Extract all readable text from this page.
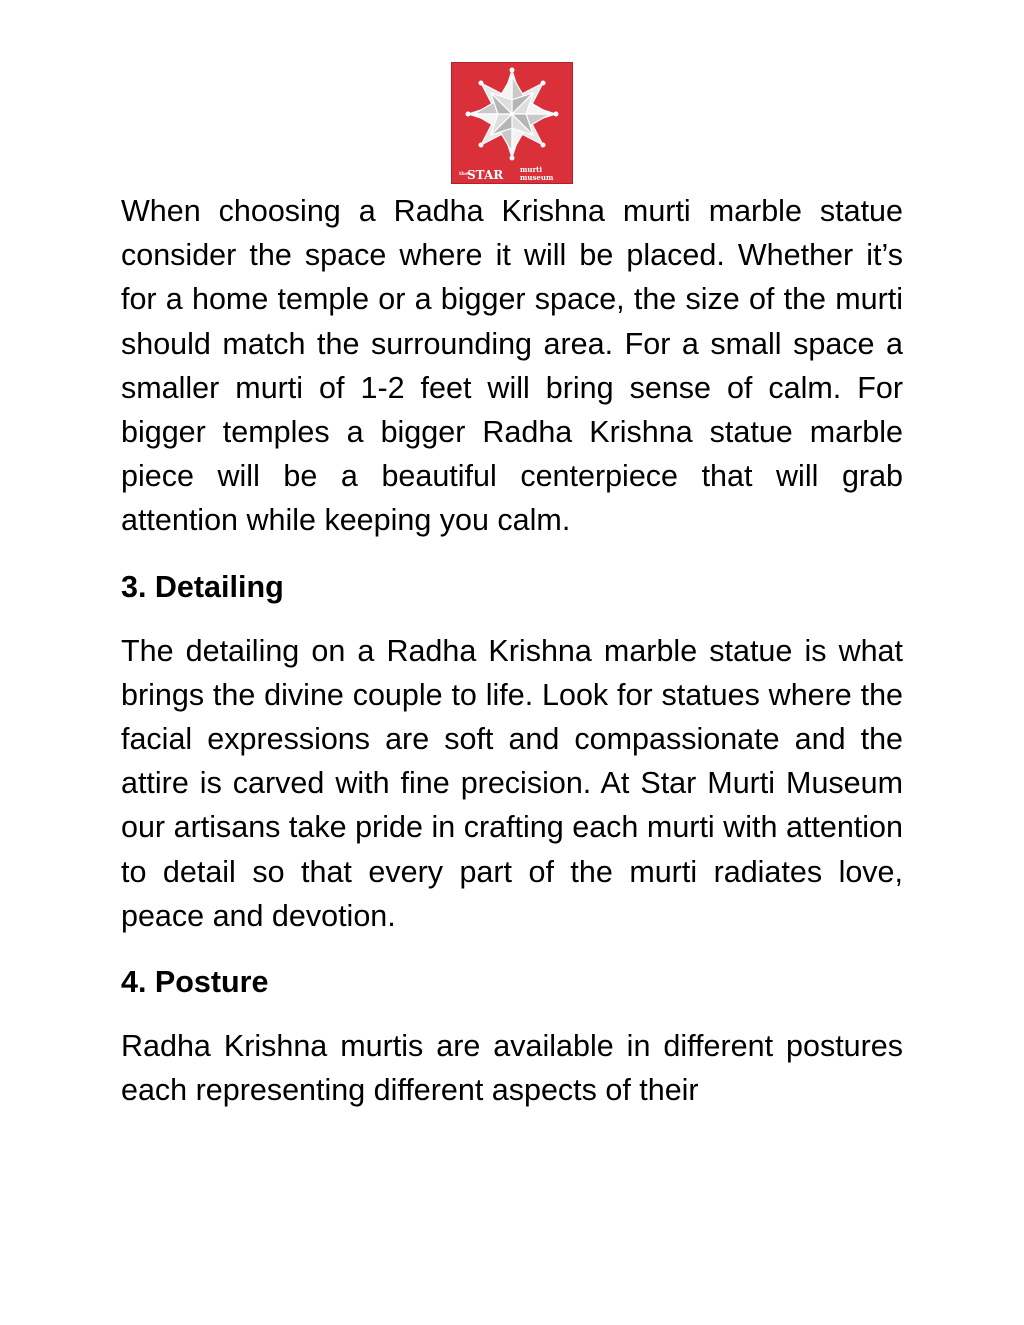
the
STAR murti
museum

When choosing a Radha Krishna murti marble statue consider the space where it will be placed. Whether it’s for a home temple or a bigger space, the size of the murti should match the surrounding area. For a small space a smaller murti of 1-2 feet will bring sense of calm. For bigger temples a bigger Radha Krishna statue marble piece will be a beautiful centerpiece that will grab attention while keeping you calm.

3. Detailing

The detailing on a Radha Krishna marble statue is what brings the divine couple to life. Look for statues where the facial expressions are soft and compassionate and the attire is carved with fine precision. At Star Murti Museum our artisans take pride in crafting each murti with attention to detail so that every part of the murti radiates love, peace and devotion.

4. Posture

Radha Krishna murtis are available in different postures each representing different aspects of their
